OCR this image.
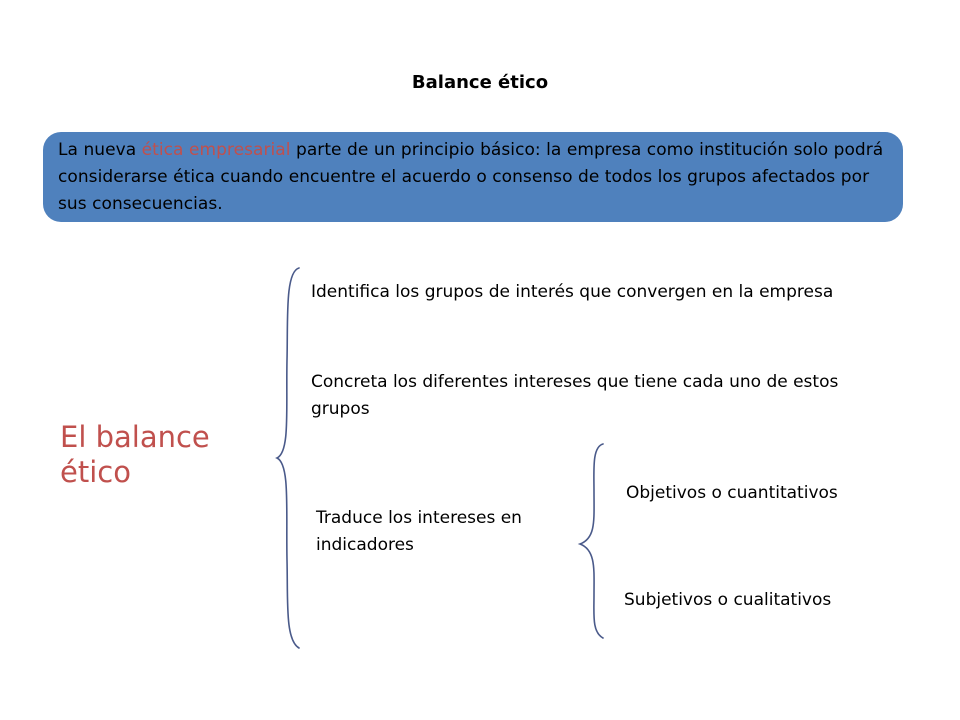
Balance ético
La nueva ética empresarial parte de un principio básico: la empresa como institución solo podrá considerarse ética cuando encuentre el acuerdo o consenso de todos los grupos afectados por sus consecuencias.
El balance ético
Identifica los grupos de interés que convergen en la empresa
Concreta los diferentes intereses que tiene cada uno de estos grupos
Traduce los intereses en indicadores
Objetivos o cuantitativos
Subjetivos o cualitativos
